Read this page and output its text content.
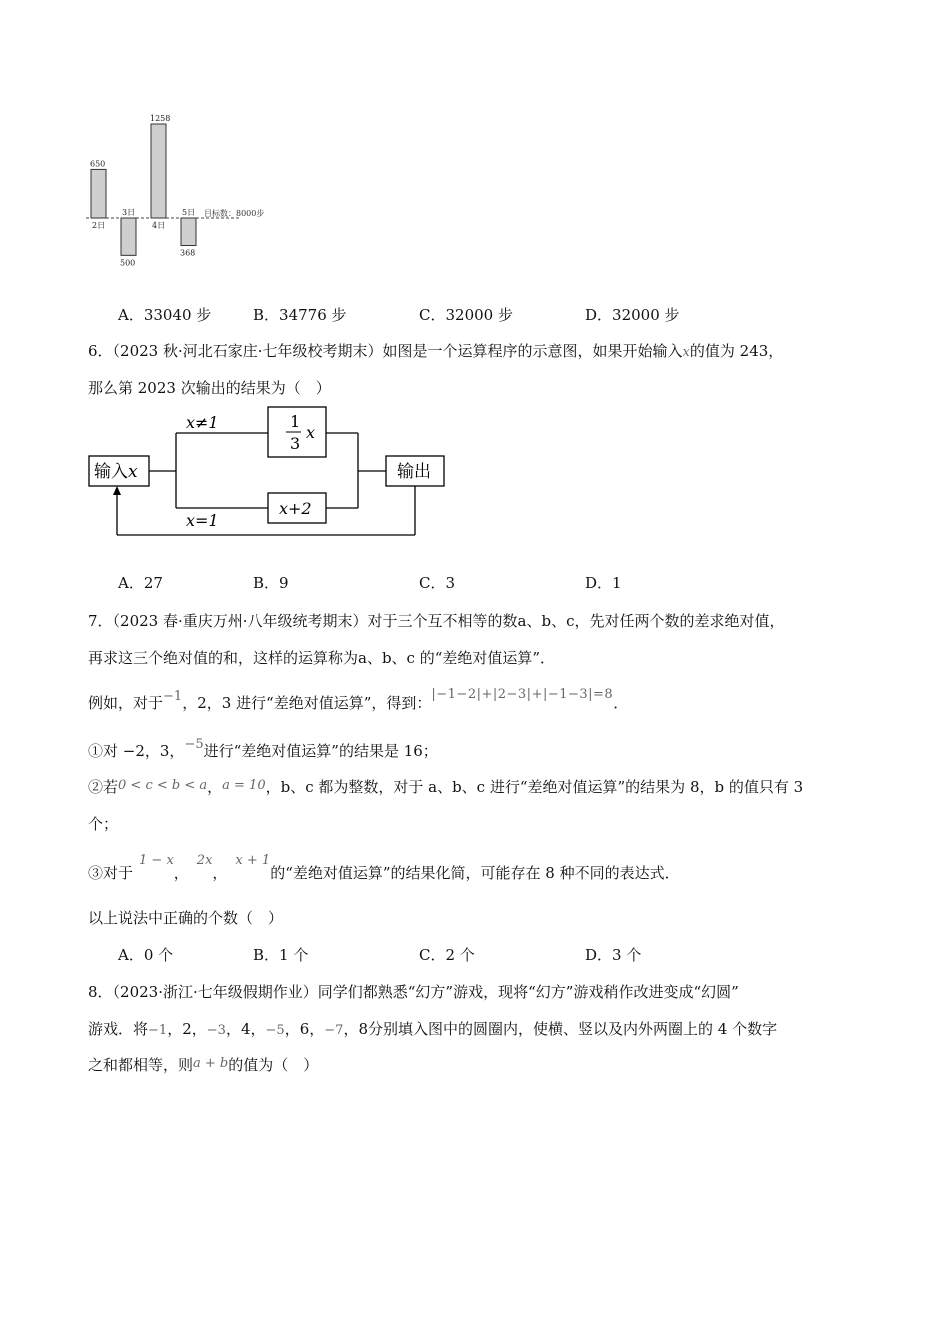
650
2日
500
3日
1258
4日
368
5日 目标数：8000步
A．33040 步	B．34776 步	C．32000 步	D．32000 步
6．（2023 秋·河北石家庄·七年级校考期末）如图是一个运算程序的示意图，如果开始输入x的值为 243，
那么第 2023 次输出的结果为（　）
输入x
x≠1
x=1
1
3
x
x+2
输出
A．27	B．9	C．3	D．1
7．（2023 春·重庆万州·八年级统考期末）对于三个互不相等的数a、b、c，先对任两个数的差求绝对值，
再求这三个绝对值的和，这样的运算称为a、b、c 的“差绝对值运算”．
例如，对于−1，2，3 进行“差绝对值运算”，得到：|−1−2|+|2−3|+|−1−3|=8．
①对 −2，3，−5进行“差绝对值运算”的结果是 16；
②若0 < c < b < a，a = 10，b、c 都为整数，对于 a、b、c 进行“差绝对值运算”的结果为 8，b 的值只有 3
个；
③对于1 − x，2x，x + 1的“差绝对值运算”的结果化简，可能存在 8 种不同的表达式．
以上说法中正确的个数（　）
A．0 个	B．1 个	C．2 个	D．3 个
8．（2023·浙江·七年级假期作业）同学们都熟悉“幻方”游戏，现将“幻方”游戏稍作改进变成“幻圆”
游戏．将−1，2，−3，4，−5，6，−7，8分别填入图中的圆圈内，使横、竖以及内外两圈上的 4 个数字
之和都相等，则a + b的值为（　）
